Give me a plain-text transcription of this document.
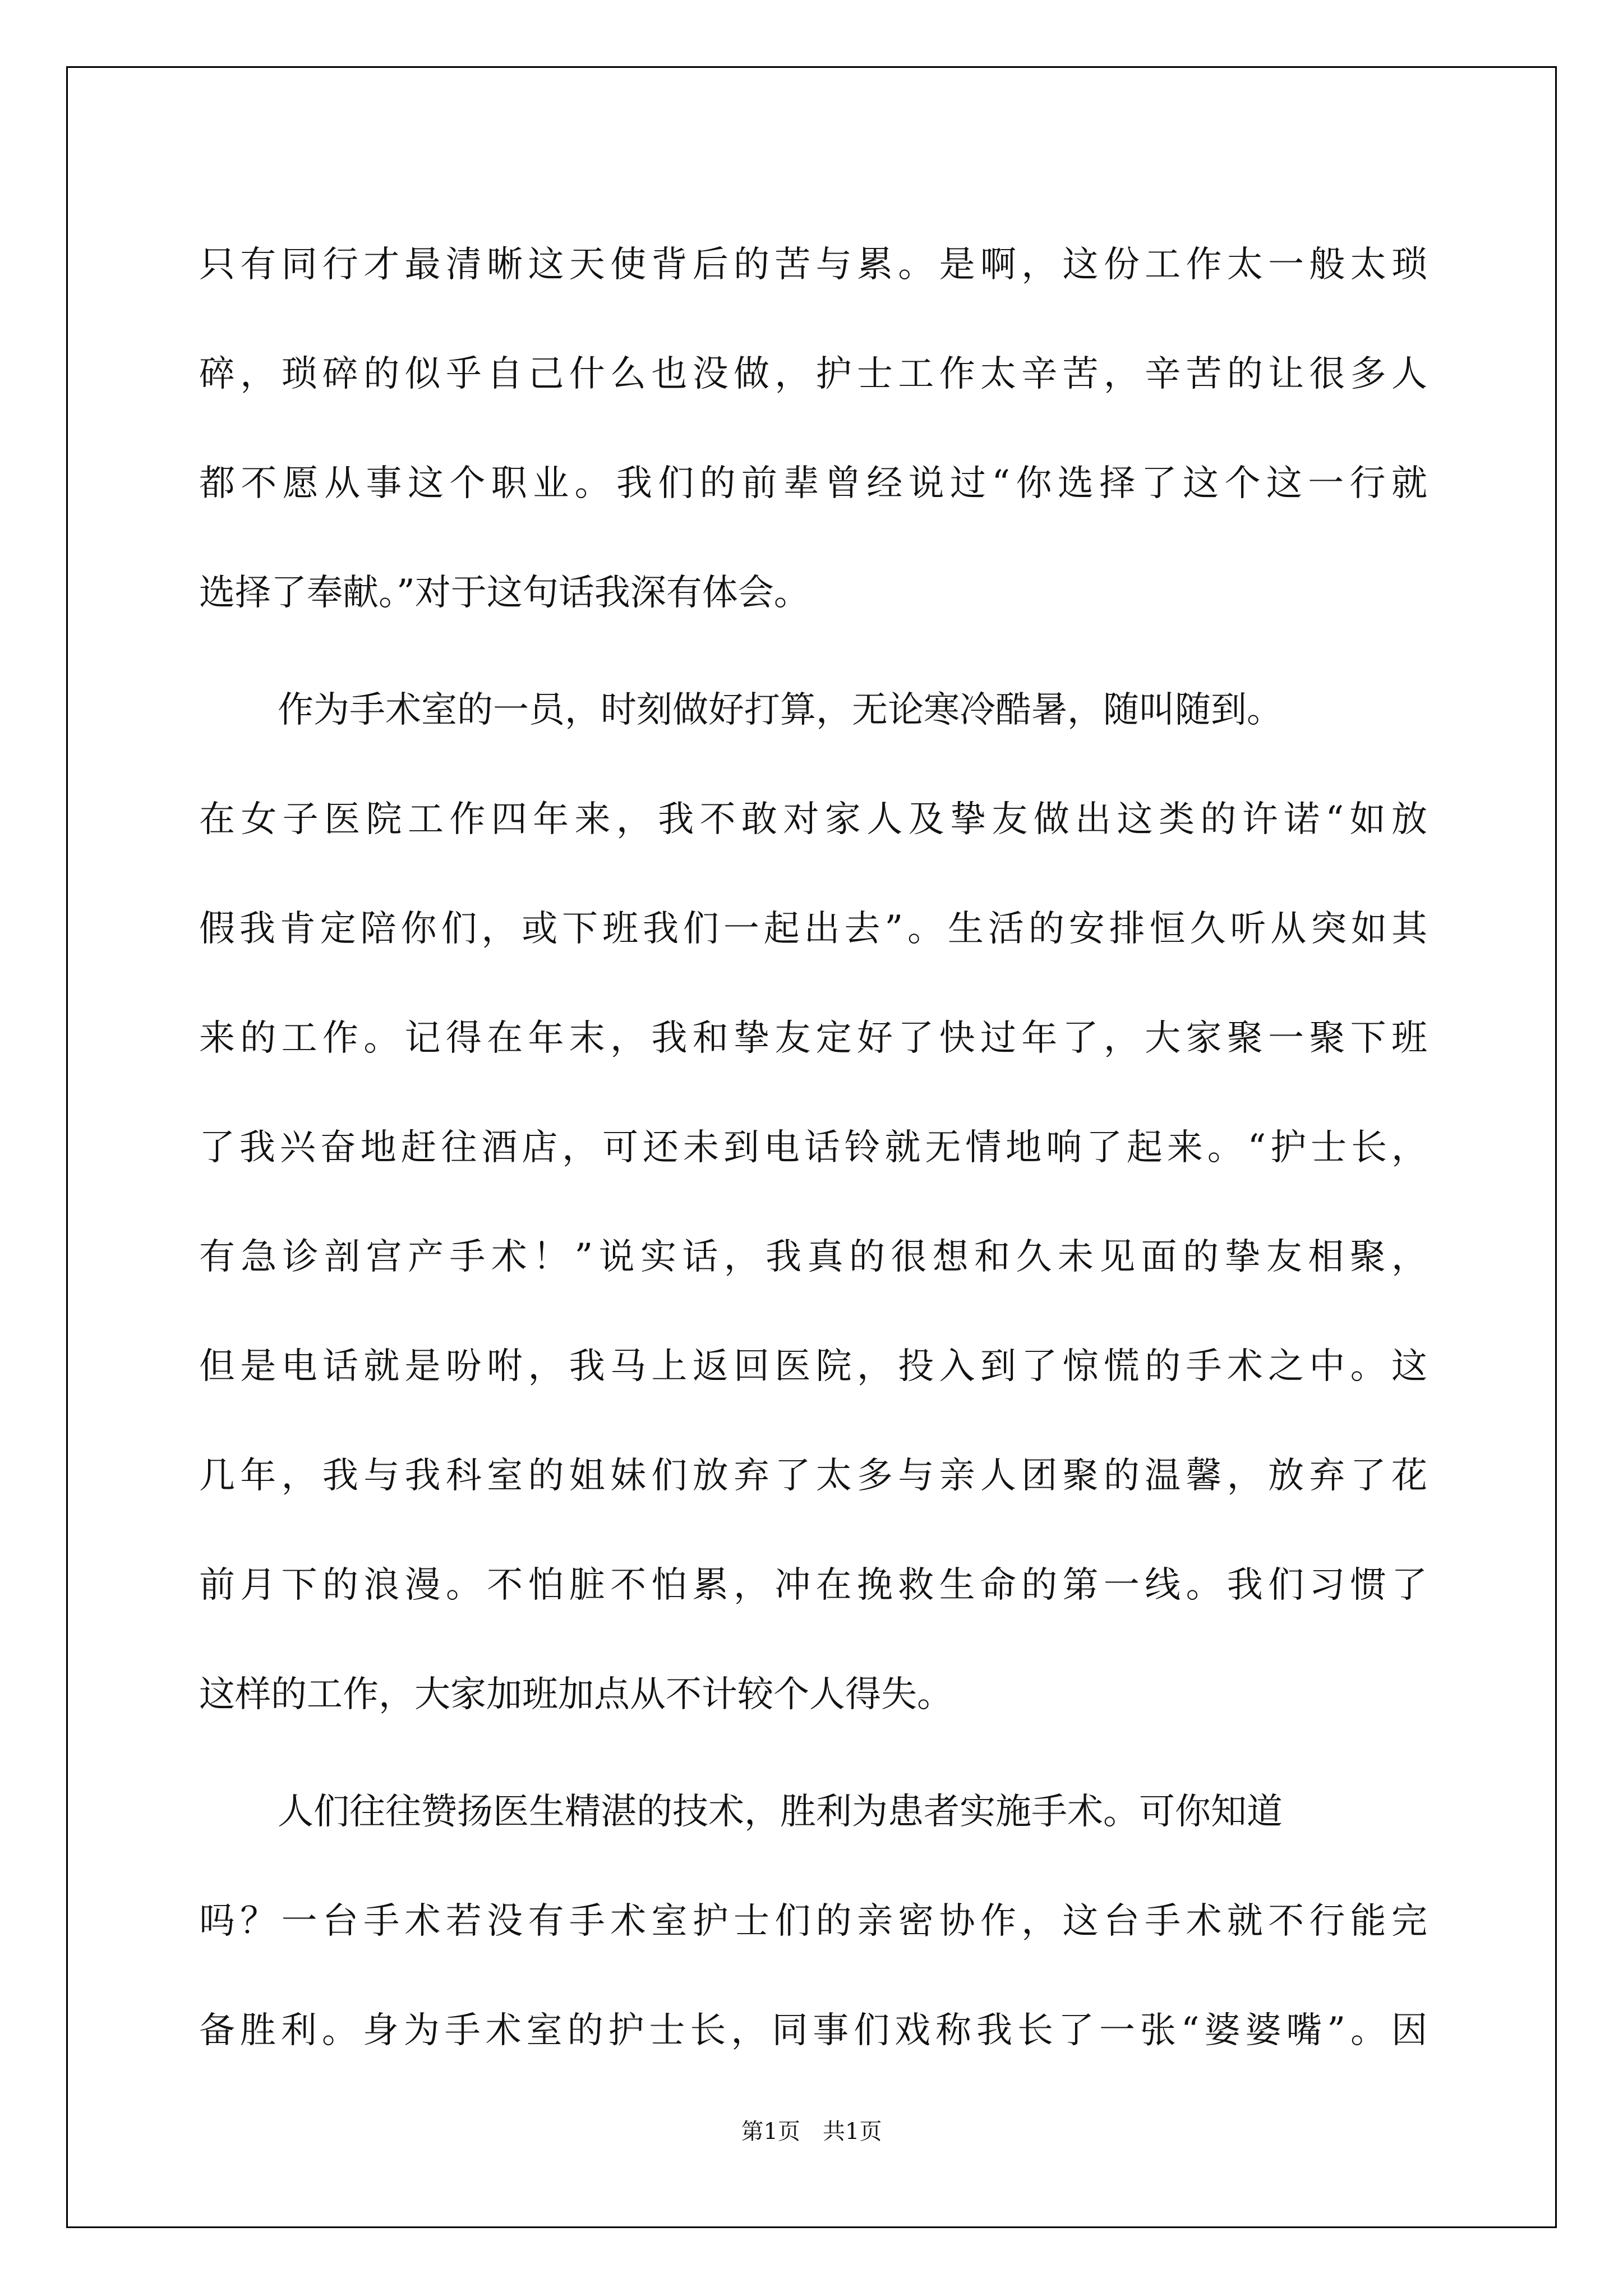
只有同行才最清晰这天使背后的苦与累。是啊，这份工作太一般太琐
碎，琐碎的似乎自己什么也没做，护士工作太辛苦，辛苦的让很多人
都不愿从事这个职业。我们的前辈曾经说过“你选择了这个这一行就
选择了奉献。”对于这句话我深有体会。
作为手术室的一员，时刻做好打算，无论寒冷酷暑，随叫随到。
在女子医院工作四年来，我不敢对家人及挚友做出这类的许诺“如放
假我肯定陪你们，或下班我们一起出去”。生活的安排恒久听从突如其
来的工作。记得在年末，我和挚友定好了快过年了，大家聚一聚下班
了我兴奋地赶往酒店，可还未到电话铃就无情地响了起来。“护士长，
有急诊剖宫产手术！”说实话，我真的很想和久未见面的挚友相聚，
但是电话就是吩咐，我马上返回医院，投入到了惊慌的手术之中。这
几年，我与我科室的姐妹们放弃了太多与亲人团聚的温馨，放弃了花
前月下的浪漫。不怕脏不怕累，冲在挽救生命的第一线。我们习惯了
这样的工作，大家加班加点从不计较个人得失。
人们往往赞扬医生精湛的技术，胜利为患者实施手术。可你知道
吗？一台手术若没有手术室护士们的亲密协作，这台手术就不行能完
备胜利。身为手术室的护士长，同事们戏称我长了一张“婆婆嘴”。因
第1页　共1页
